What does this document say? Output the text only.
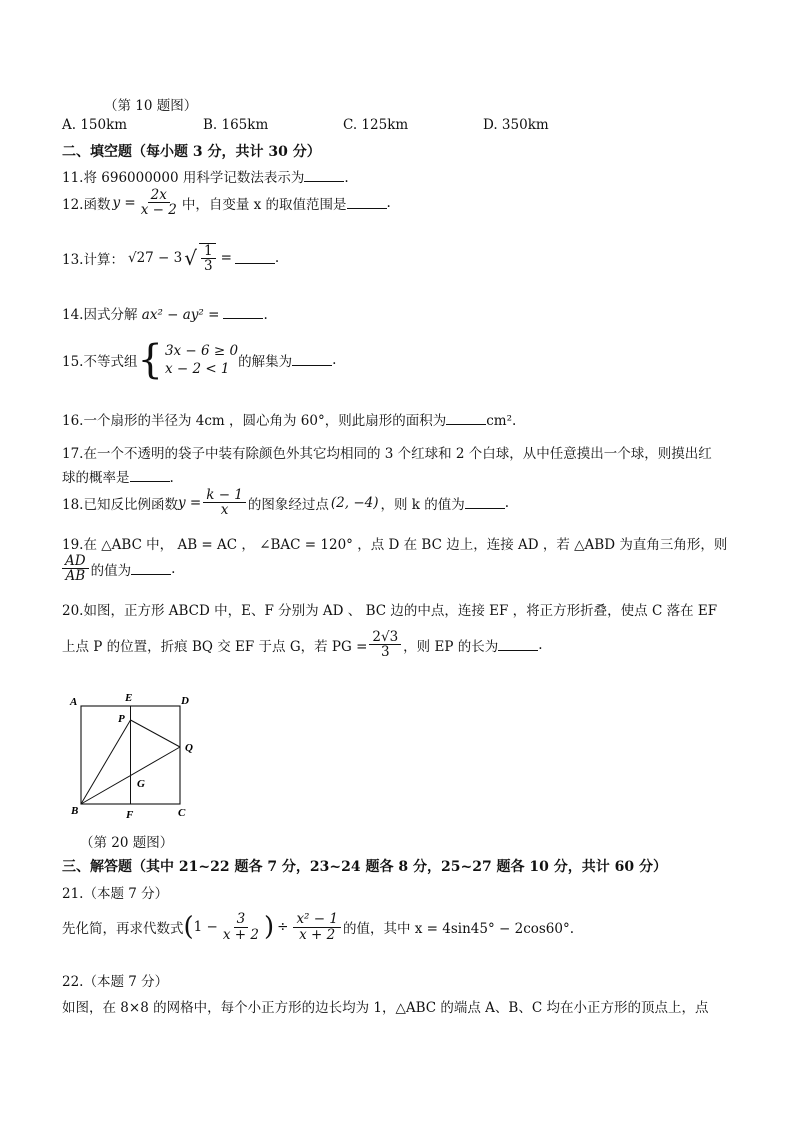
（第 10 题图）
A. 150km	B. 165km	C. 125km	D. 350km
二、填空题（每小题 3 分，共计 30 分）
11.将 696000000 用科学记数法表示为	.
12.函数 $y = \frac{2x}{x - 2}$ 中，自变量 x 的取值范围是	.
13.计算： √27 − 3 √ $\frac{1}{3}$ =	.
14.因式分解 ax² − ay² =	.
15.不等式组 { 3x − 6 ≥ 0
x − 2 < 1 的解集为	.
16.一个扇形的半径为 4cm ，圆心角为 60°，则此扇形的面积为	cm².
17.在一个不透明的袋子中装有除颜色外其它均相同的 3 个红球和 2 个白球，从中任意摸出一个球，则摸出红
球的概率是	.
18.已知反比例函数 $y = \frac{k - 1}{x}$ 的图象经过点 (2, −4) ，则 k 的值为	.
19.在 △ABC 中， AB = AC ， ∠BAC = 120° ，点 D 在 BC 边上，连接 AD ，若 △ABD 为直角三角形，则
$\frac{AD}{AB}$ 的值为	.
20.如图，正方形 ABCD 中，E、F 分别为 AD 、 BC 边的中点，连接 EF ，将正方形折叠，使点 C 落在 EF
上点 P 的位置，折痕 BQ 交 EF 于点 G，若 PG = $\frac{2√3}{3}$ ，则 EP 的长为	.
A	E	D
P
Q
G
B	F	C
（第 20 题图）
三、解答题（其中 21~22 题各 7 分，23~24 题各 8 分，25~27 题各 10 分，共计 60 分）
21.（本题 7 分）
先化简，再求代数式 ( $1 - \frac{3}{x + 2}$ ) ÷ $\frac{\text{x² − 1}}{x + 2}$ 的值，其中 x = 4sin45° − 2cos60°.
22.（本题 7 分）
如图，在 8×8 的网格中，每个小正方形的边长均为 1，△ABC 的端点 A、B、C 均在小正方形的顶点上，点
